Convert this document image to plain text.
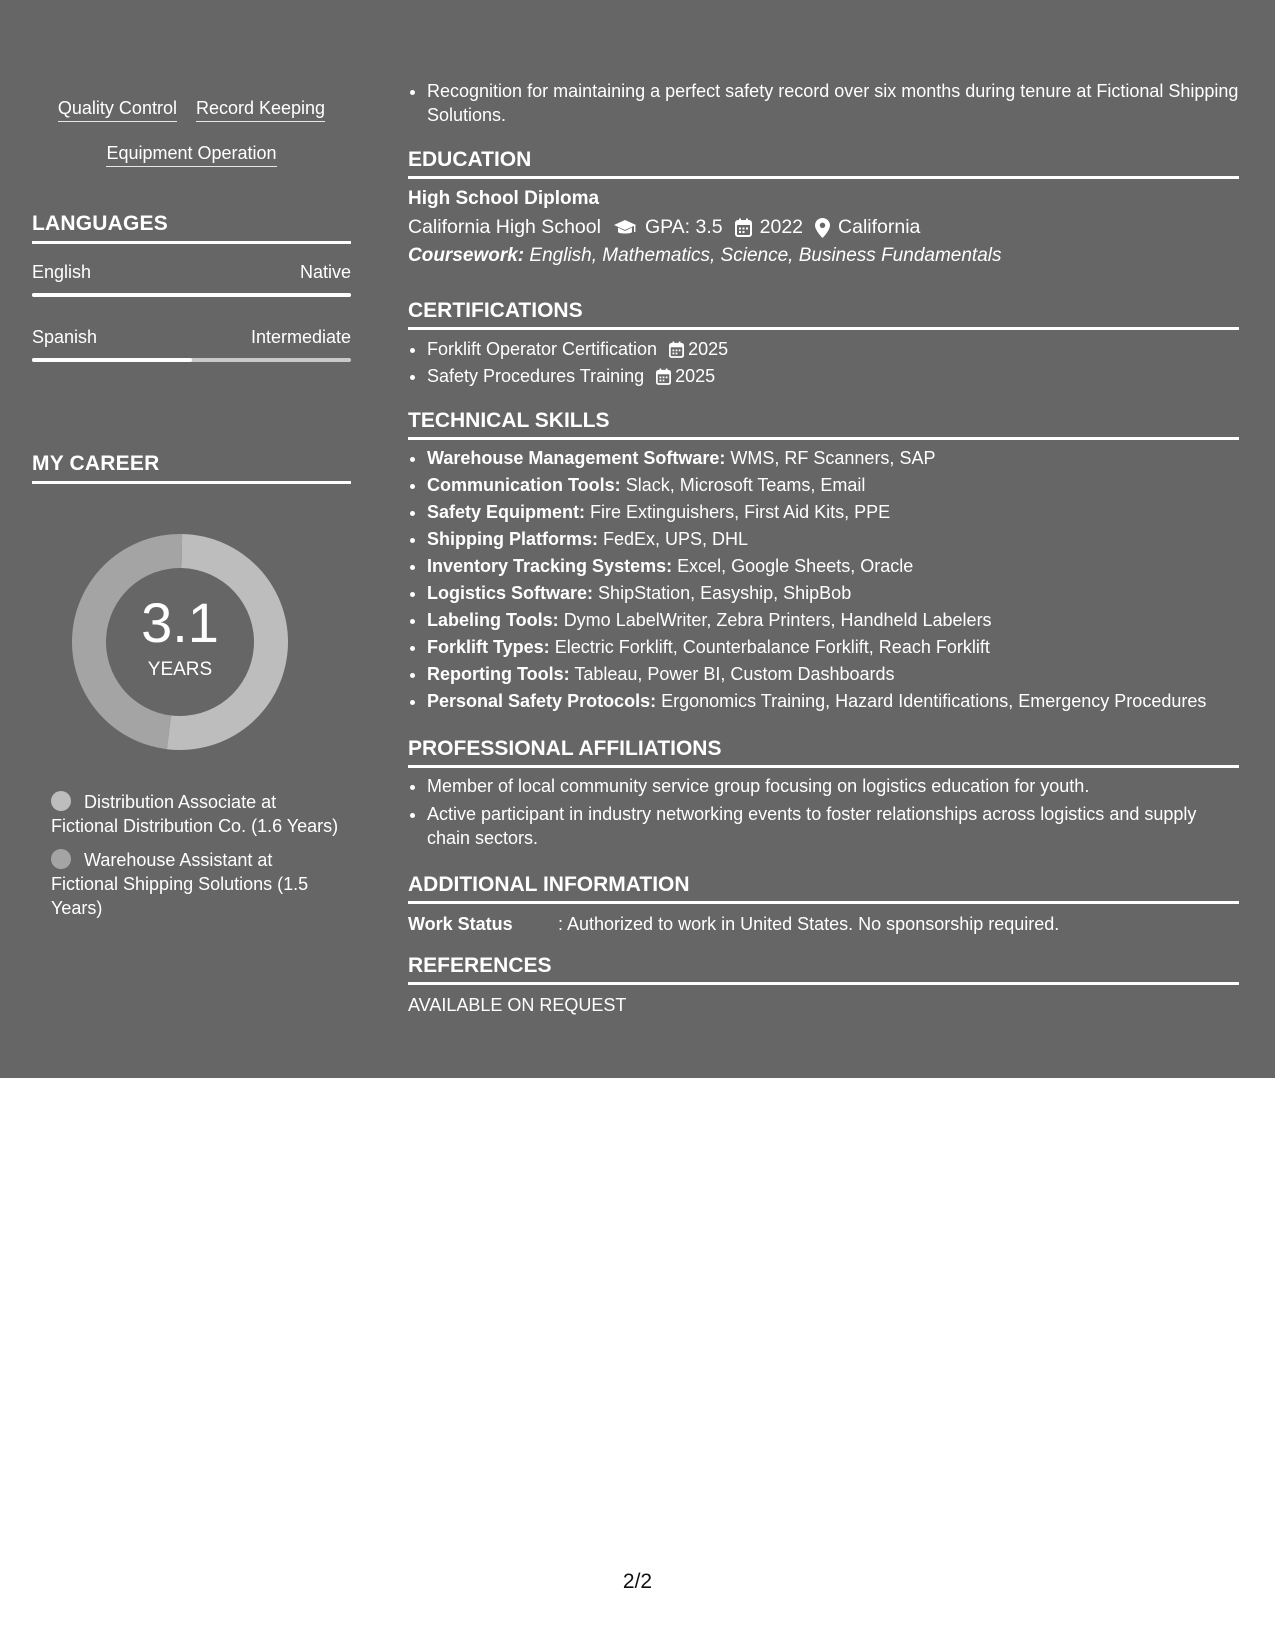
Quality Control Record Keeping
Equipment Operation
LANGUAGES
English	Native
Spanish	Intermediate
MY CAREER
3.1
YEARS
Distribution Associate at Fictional Distribution Co. (1.6 Years)
Warehouse Assistant at Fictional Shipping Solutions (1.5 Years)
• Recognition for maintaining a perfect safety record over six months during tenure at Fictional Shipping Solutions.
EDUCATION
High School Diploma
California High School GPA: 3.5 2022 California
Coursework: English, Mathematics, Science, Business Fundamentals
CERTIFICATIONS
• Forklift Operator Certification 2025
• Safety Procedures Training 2025
TECHNICAL SKILLS
• Warehouse Management Software: WMS, RF Scanners, SAP
• Communication Tools: Slack, Microsoft Teams, Email
• Safety Equipment: Fire Extinguishers, First Aid Kits, PPE
• Shipping Platforms: FedEx, UPS, DHL
• Inventory Tracking Systems: Excel, Google Sheets, Oracle
• Logistics Software: ShipStation, Easyship, ShipBob
• Labeling Tools: Dymo LabelWriter, Zebra Printers, Handheld Labelers
• Forklift Types: Electric Forklift, Counterbalance Forklift, Reach Forklift
• Reporting Tools: Tableau, Power BI, Custom Dashboards
• Personal Safety Protocols: Ergonomics Training, Hazard Identifications, Emergency Procedures
PROFESSIONAL AFFILIATIONS
• Member of local community service group focusing on logistics education for youth.
• Active participant in industry networking events to foster relationships across logistics and supply chain sectors.
ADDITIONAL INFORMATION
Work Status	: Authorized to work in United States. No sponsorship required.
REFERENCES
AVAILABLE ON REQUEST
2/2
